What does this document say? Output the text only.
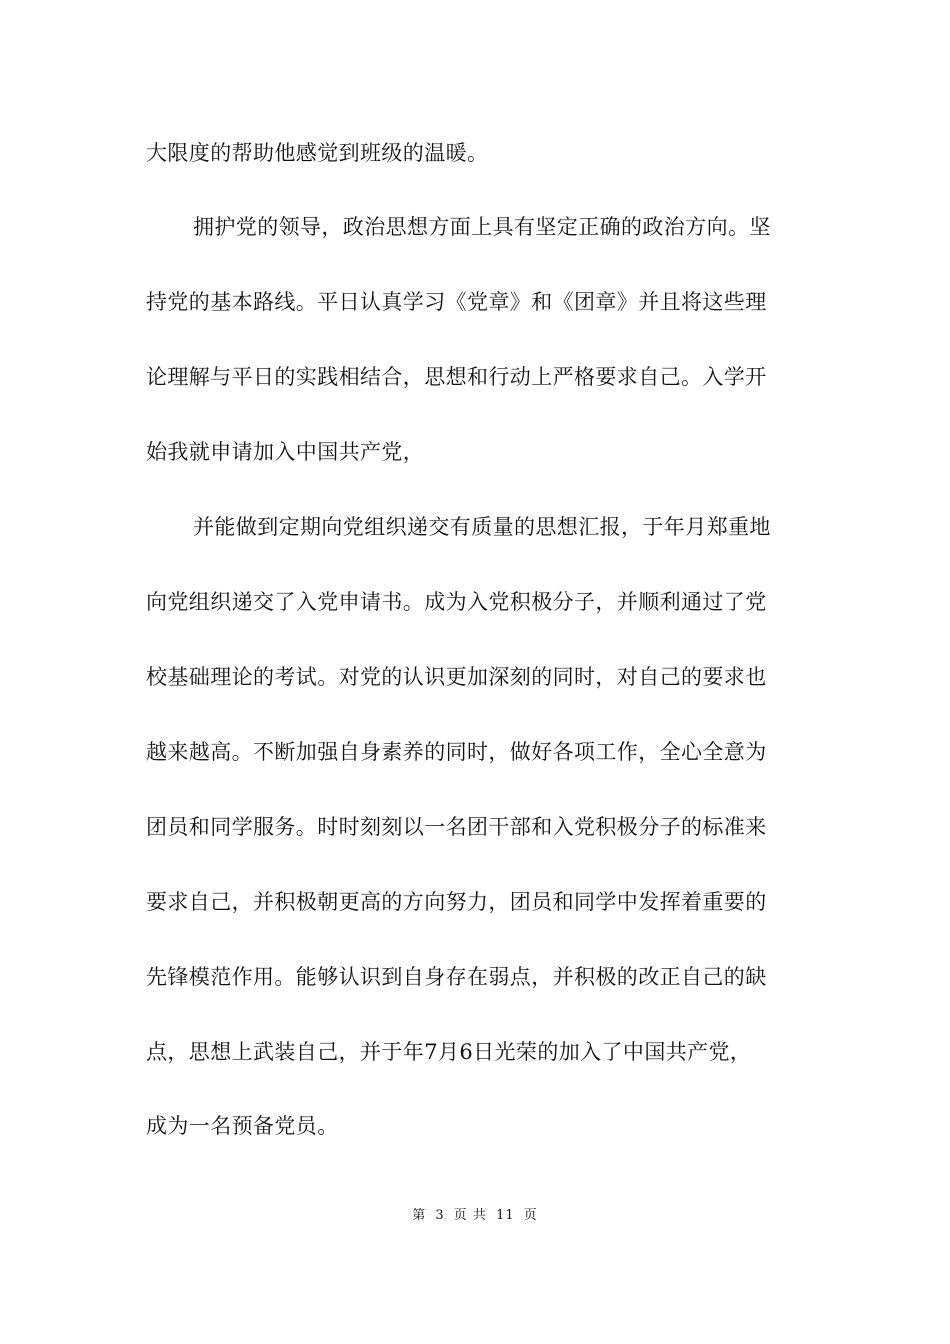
大限度的帮助他感觉到班级的温暖。

拥护党的领导，政治思想方面上具有坚定正确的政治方向。坚

持党的基本路线。平日认真学习《党章》和《团章》并且将这些理

论理解与平日的实践相结合，思想和行动上严格要求自己。入学开

始我就申请加入中国共产党，

并能做到定期向党组织递交有质量的思想汇报，于年月郑重地

向党组织递交了入党申请书。成为入党积极分子，并顺利通过了党

校基础理论的考试。对党的认识更加深刻的同时，对自己的要求也

越来越高。不断加强自身素养的同时，做好各项工作，全心全意为

团员和同学服务。时时刻刻以一名团干部和入党积极分子的标准来

要求自己，并积极朝更高的方向努力，团员和同学中发挥着重要的

先锋模范作用。能够认识到自身存在弱点，并积极的改正自己的缺

点，思想上武装自己，并于年7月6日光荣的加入了中国共产党，

成为一名预备党员。

第 3 页 共 11 页
